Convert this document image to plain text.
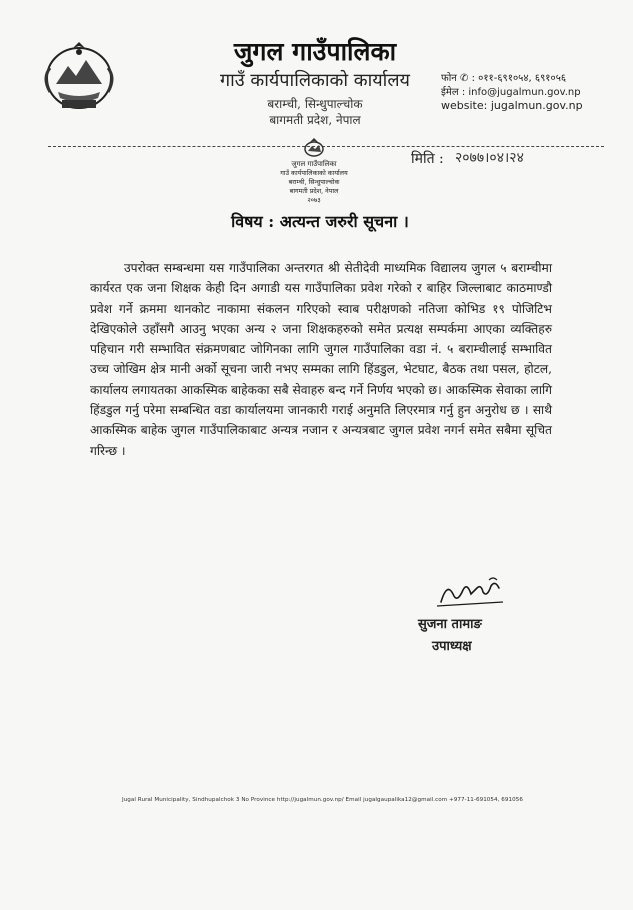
जुगल गाउँपालिका
गाउँ कार्यपालिकाको कार्यालय
बराम्ची, सिन्धुपाल्चोक
बागमती प्रदेश, नेपाल
फोन ✆ : ०११-६९१०५४, ६९१०५६
ईमेल : info@jugalmun.gov.np
website: jugalmun.gov.np
जुगल गाउँपालिका
गाउँ कार्यपालिकाको कार्यालय
बराम्ची, सिन्धुपाल्चोक
बागमती प्रदेश, नेपाल
२०७३
मिति : २०७७।०४।२४
विषय : अत्यन्त जरुरी सूचना ।
उपरोक्त सम्बन्धमा यस गाउँपालिका अन्तरगत श्री सेतीदेवी माध्यमिक विद्यालय जुगल ५ बराम्चीमा कार्यरत एक जना शिक्षक केही दिन अगाडी यस गाउँपालिका प्रवेश गरेको र बाहिर जिल्लाबाट काठमाण्डौ प्रवेश गर्ने क्रममा थानकोट नाकामा संकलन गरिएको स्वाब परीक्षणको नतिजा कोभिड १९ पोजिटिभ देखिएकोले उहाँसगै आउनु भएका अन्य २ जना शिक्षकहरुको समेत प्रत्यक्ष सम्पर्कमा आएका व्यक्तिहरु पहिचान गरी सम्भावित संक्रमणबाट जोगिनका लागि जुगल गाउँपालिका वडा नं. ५ बराम्चीलाई सम्भावित उच्च जोखिम क्षेत्र मानी अर्को सूचना जारी नभए सम्मका लागि हिंडडुल, भेटघाट, बैठक तथा पसल, होटल, कार्यालय लगायतका आकस्मिक बाहेकका सबै सेवाहरु बन्द गर्ने निर्णय भएको छ। आकस्मिक सेवाका लागि हिंडडुल गर्नु परेमा सम्बन्धित वडा कार्यालयमा जानकारी गराई अनुमति लिएरमात्र गर्नु हुन अनुरोध छ । साथै आकस्मिक बाहेक जुगल गाउँपालिकाबाट अन्यत्र नजान र अन्यत्रबाट जुगल प्रवेश नगर्न समेत सबैमा सूचित गरिन्छ ।
सुजना तामाङ
उपाध्यक्ष
Jugal Rural Municipality, Sindhupalchok 3 No Province http://jugalmun.gov.np/ Email jugalgaupalika12@gmail.com +977-11-691054, 691056
